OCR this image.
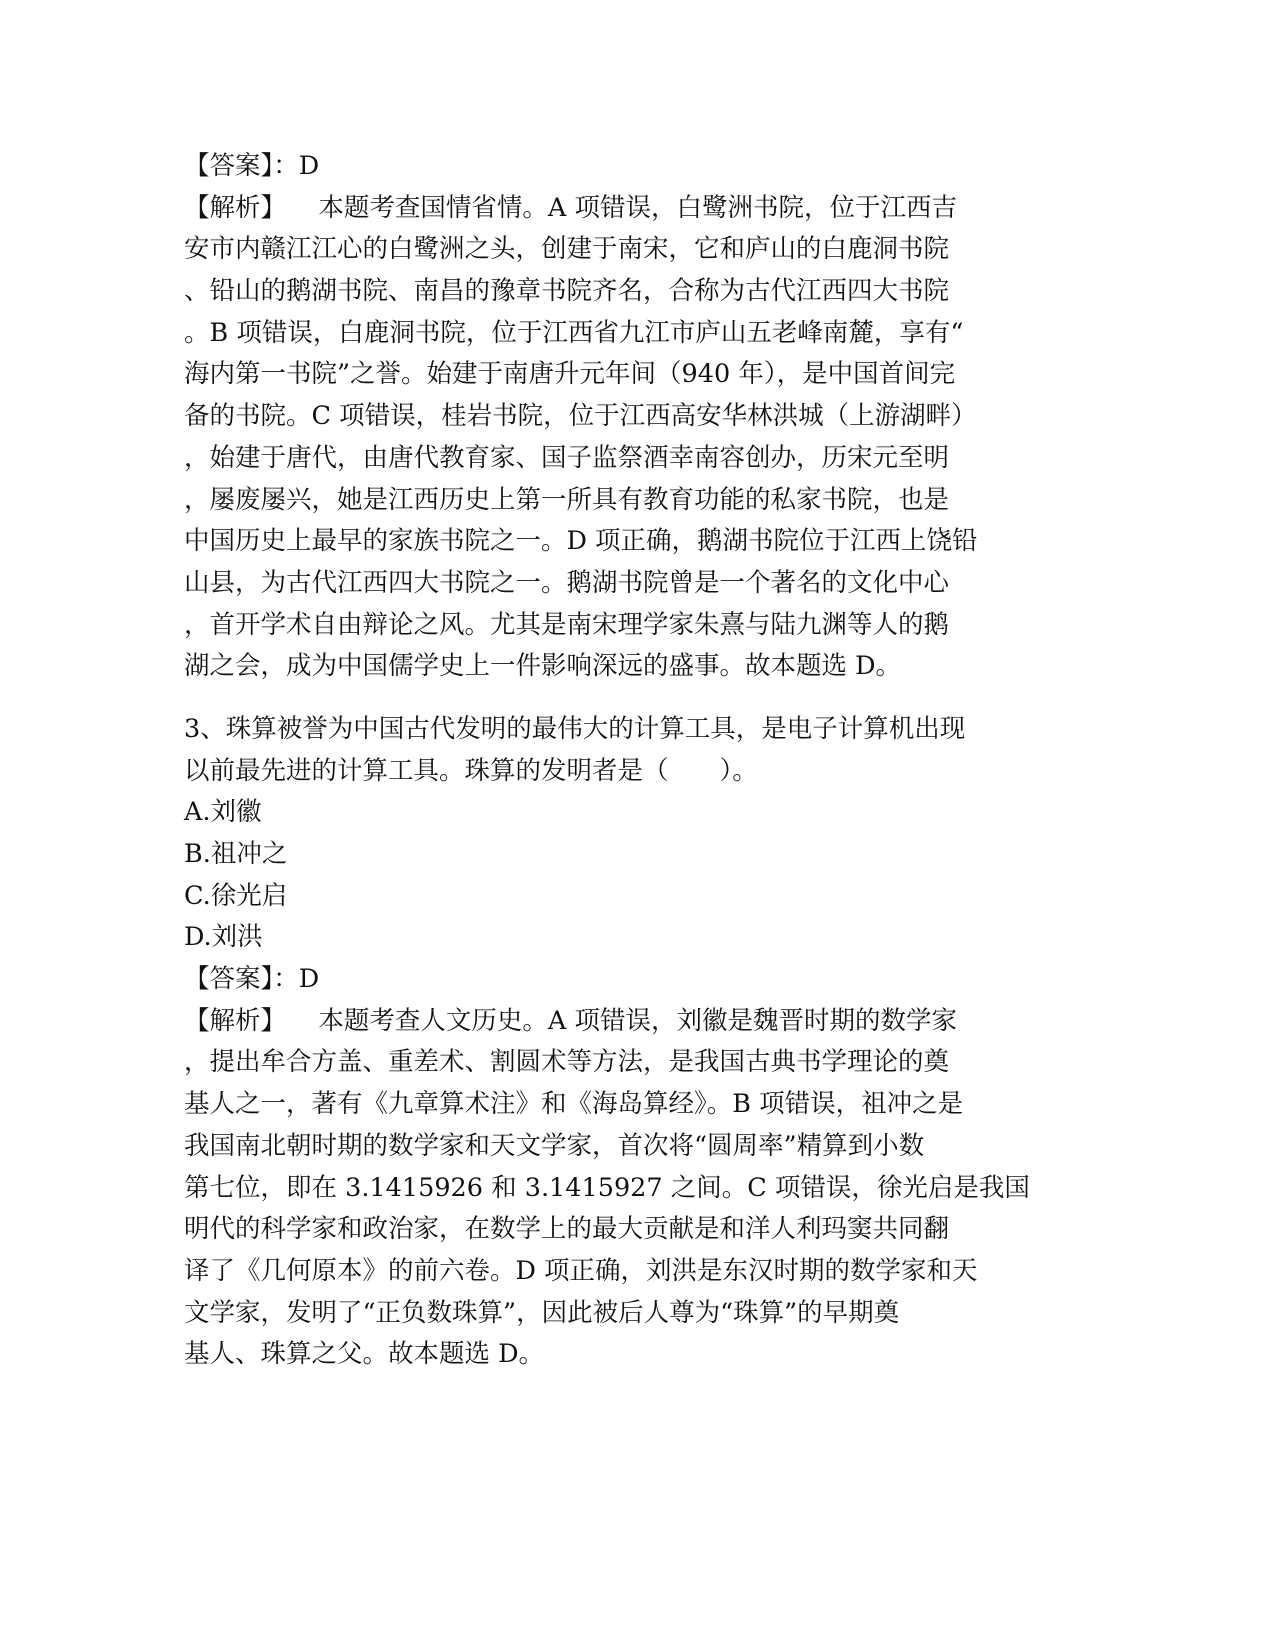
【答案】：D

【解析】    本题考查国情省情。A 项错误，白鹭洲书院，位于江西吉

安市内赣江江心的白鹭洲之头，创建于南宋，它和庐山的白鹿洞书院

、铅山的鹅湖书院、南昌的豫章书院齐名，合称为古代江西四大书院

。B 项错误，白鹿洞书院，位于江西省九江市庐山五老峰南麓，享有“

海内第一书院”之誉。始建于南唐升元年间（940 年），是中国首间完

备的书院。C 项错误，桂岩书院，位于江西高安华林洪城（上游湖畔）

，始建于唐代，由唐代教育家、国子监祭酒幸南容创办，历宋元至明

，屡废屡兴，她是江西历史上第一所具有教育功能的私家书院，也是

中国历史上最早的家族书院之一。D 项正确，鹅湖书院位于江西上饶铅

山县，为古代江西四大书院之一。鹅湖书院曾是一个著名的文化中心

，首开学术自由辩论之风。尤其是南宋理学家朱熹与陆九渊等人的鹅

湖之会，成为中国儒学史上一件影响深远的盛事。故本题选 D。

3、珠算被誉为中国古代发明的最伟大的计算工具，是电子计算机出现

以前最先进的计算工具。珠算的发明者是（　　）。

A.刘徽

B.祖冲之

C.徐光启

D.刘洪

【答案】：D

【解析】    本题考查人文历史。A 项错误，刘徽是魏晋时期的数学家

，提出牟合方盖、重差术、割圆术等方法，是我国古典书学理论的奠

基人之一，著有《九章算术注》和《海岛算经》。B 项错误，祖冲之是

我国南北朝时期的数学家和天文学家，首次将“圆周率”精算到小数

第七位，即在 3.1415926 和 3.1415927 之间。C 项错误，徐光启是我国

明代的科学家和政治家，在数学上的最大贡献是和洋人利玛窦共同翻

译了《几何原本》的前六卷。D 项正确，刘洪是东汉时期的数学家和天

文学家，发明了“正负数珠算”，因此被后人尊为“珠算”的早期奠

基人、珠算之父。故本题选 D。
